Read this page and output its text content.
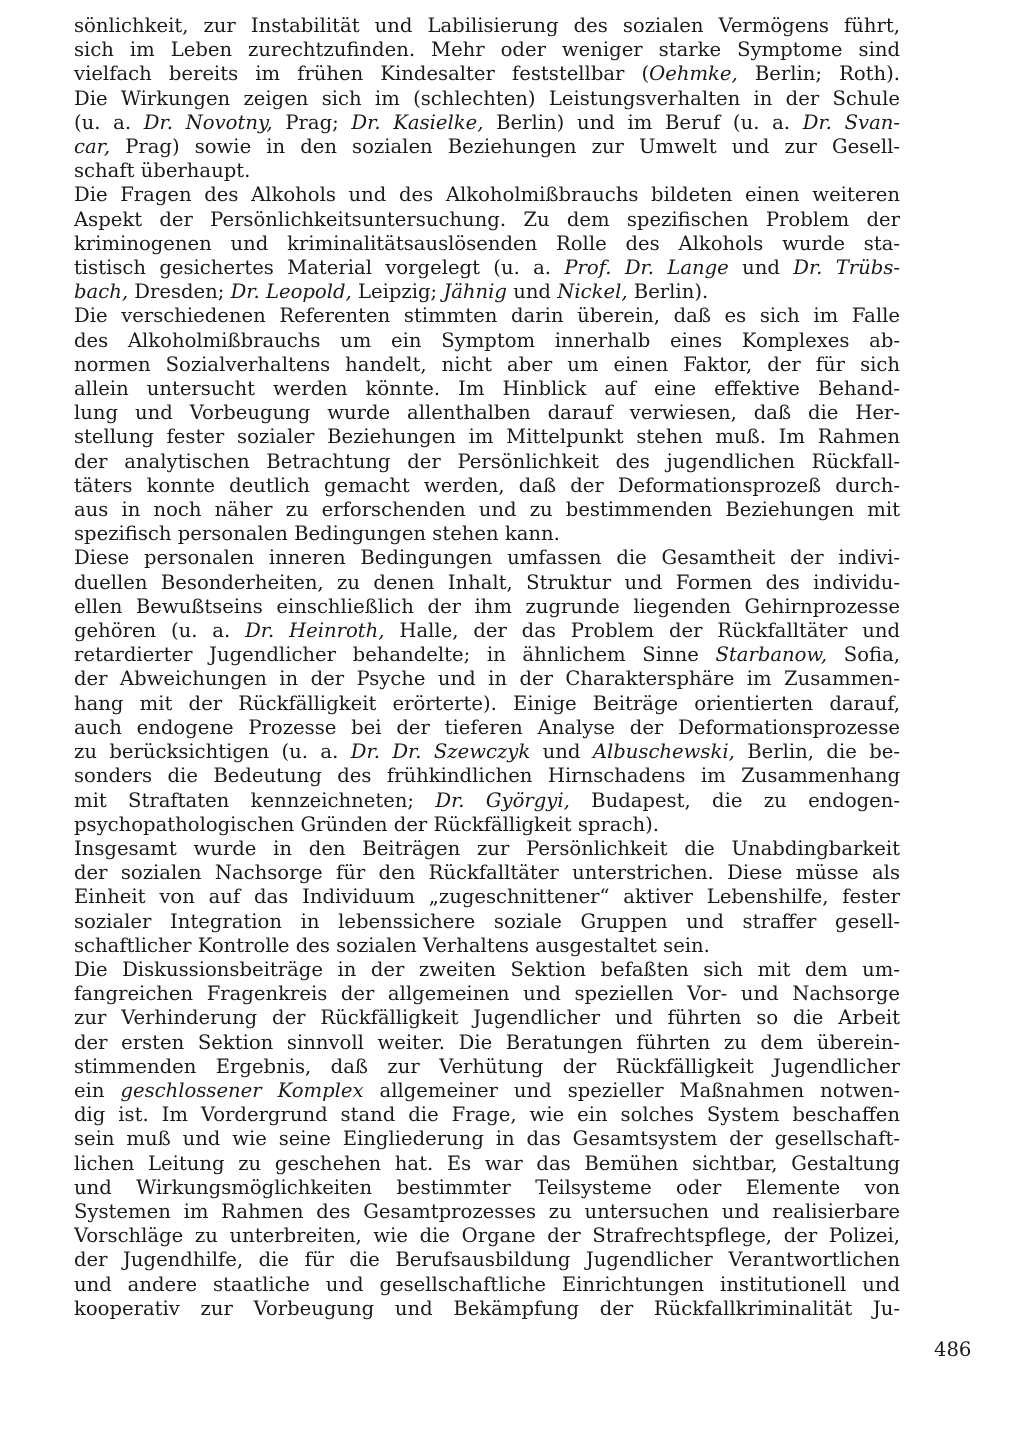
sönlichkeit, zur Instabilität und Labilisierung des sozialen Vermögens führt,
sich im Leben zurechtzufinden. Mehr oder weniger starke Symptome sind
vielfach bereits im frühen Kindesalter feststellbar (Oehmke, Berlin; Roth).
Die Wirkungen zeigen sich im (schlechten) Leistungsverhalten in der Schule
(u. a. Dr. Novotny, Prag; Dr. Kasielke, Berlin) und im Beruf (u. a. Dr. Svan-
car, Prag) sowie in den sozialen Beziehungen zur Umwelt und zur Gesell-
schaft überhaupt.

Die Fragen des Alkohols und des Alkoholmißbrauchs bildeten einen weiteren
Aspekt der Persönlichkeitsuntersuchung. Zu dem spezifischen Problem der
kriminogenen und kriminalitätsauslösenden Rolle des Alkohols wurde sta-
tistisch gesichertes Material vorgelegt (u. a. Prof. Dr. Lange und Dr. Trübs-
bach, Dresden; Dr. Leopold, Leipzig; Jähnig und Nickel, Berlin).

Die verschiedenen Referenten stimmten darin überein, daß es sich im Falle
des Alkoholmißbrauchs um ein Symptom innerhalb eines Komplexes ab-
normen Sozialverhaltens handelt, nicht aber um einen Faktor, der für sich
allein untersucht werden könnte. Im Hinblick auf eine effektive Behand-
lung und Vorbeugung wurde allenthalben darauf verwiesen, daß die Her-
stellung fester sozialer Beziehungen im Mittelpunkt stehen muß. Im Rahmen
der analytischen Betrachtung der Persönlichkeit des jugendlichen Rückfall-
täters konnte deutlich gemacht werden, daß der Deformationsprozeß durch-
aus in noch näher zu erforschenden und zu bestimmenden Beziehungen mit
spezifisch personalen Bedingungen stehen kann.

Diese personalen inneren Bedingungen umfassen die Gesamtheit der indivi-
duellen Besonderheiten, zu denen Inhalt, Struktur und Formen des individu-
ellen Bewußtseins einschließlich der ihm zugrunde liegenden Gehirnprozesse
gehören (u. a. Dr. Heinroth, Halle, der das Problem der Rückfalltäter und
retardierter Jugendlicher behandelte; in ähnlichem Sinne Starbanow, Sofia,
der Abweichungen in der Psyche und in der Charaktersphäre im Zusammen-
hang mit der Rückfälligkeit erörterte). Einige Beiträge orientierten darauf,
auch endogene Prozesse bei der tieferen Analyse der Deformationsprozesse
zu berücksichtigen (u. a. Dr. Dr. Szewczyk und Albuschewski, Berlin, die be-
sonders die Bedeutung des frühkindlichen Hirnschadens im Zusammenhang
mit Straftaten kennzeichneten; Dr. Györgyi, Budapest, die zu endogen-
psychopathologischen Gründen der Rückfälligkeit sprach).

Insgesamt wurde in den Beiträgen zur Persönlichkeit die Unabdingbarkeit
der sozialen Nachsorge für den Rückfalltäter unterstrichen. Diese müsse als
Einheit von auf das Individuum „zugeschnittener“ aktiver Lebenshilfe, fester
sozialer Integration in lebenssichere soziale Gruppen und straffer gesell-
schaftlicher Kontrolle des sozialen Verhaltens ausgestaltet sein.

Die Diskussionsbeiträge in der zweiten Sektion befaßten sich mit dem um-
fangreichen Fragenkreis der allgemeinen und speziellen Vor- und Nachsorge
zur Verhinderung der Rückfälligkeit Jugendlicher und führten so die Arbeit
der ersten Sektion sinnvoll weiter. Die Beratungen führten zu dem überein-
stimmenden Ergebnis, daß zur Verhütung der Rückfälligkeit Jugendlicher
ein geschlossener Komplex allgemeiner und spezieller Maßnahmen notwen-
dig ist. Im Vordergrund stand die Frage, wie ein solches System beschaffen
sein muß und wie seine Eingliederung in das Gesamtsystem der gesellschaft-
lichen Leitung zu geschehen hat. Es war das Bemühen sichtbar, Gestaltung
und Wirkungsmöglichkeiten bestimmter Teilsysteme oder Elemente von
Systemen im Rahmen des Gesamtprozesses zu untersuchen und realisierbare
Vorschläge zu unterbreiten, wie die Organe der Strafrechtspflege, der Polizei,
der Jugendhilfe, die für die Berufsausbildung Jugendlicher Verantwortlichen
und andere staatliche und gesellschaftliche Einrichtungen institutionell und
kooperativ zur Vorbeugung und Bekämpfung der Rückfallkriminalität Ju-

486
